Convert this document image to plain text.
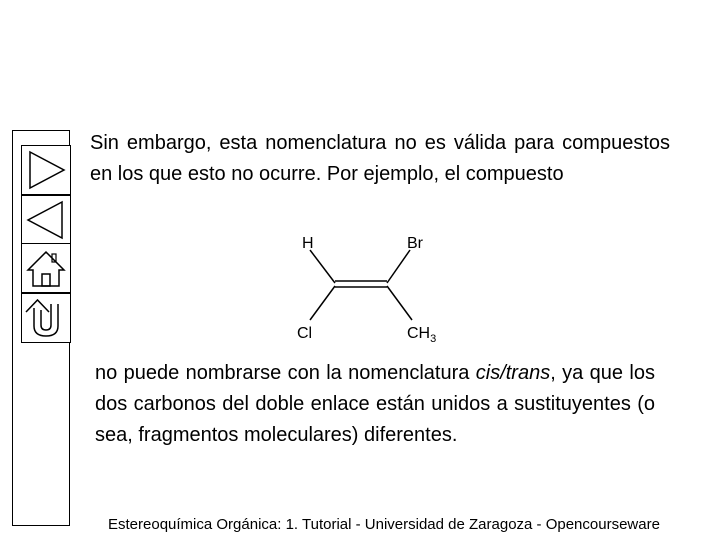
Sin embargo, esta nomenclatura no es válida para compuestos en los que esto no ocurre. Por ejemplo, el compuesto

H	Br
Cl	$CH_3$

no puede nombrarse con la nomenclatura cis/trans, ya que los dos carbonos del doble enlace están unidos a sustituyentes (o sea, fragmentos moleculares) diferentes.

Estereoquímica Orgánica: 1. Tutorial - Universidad de Zaragoza - Opencourseware
